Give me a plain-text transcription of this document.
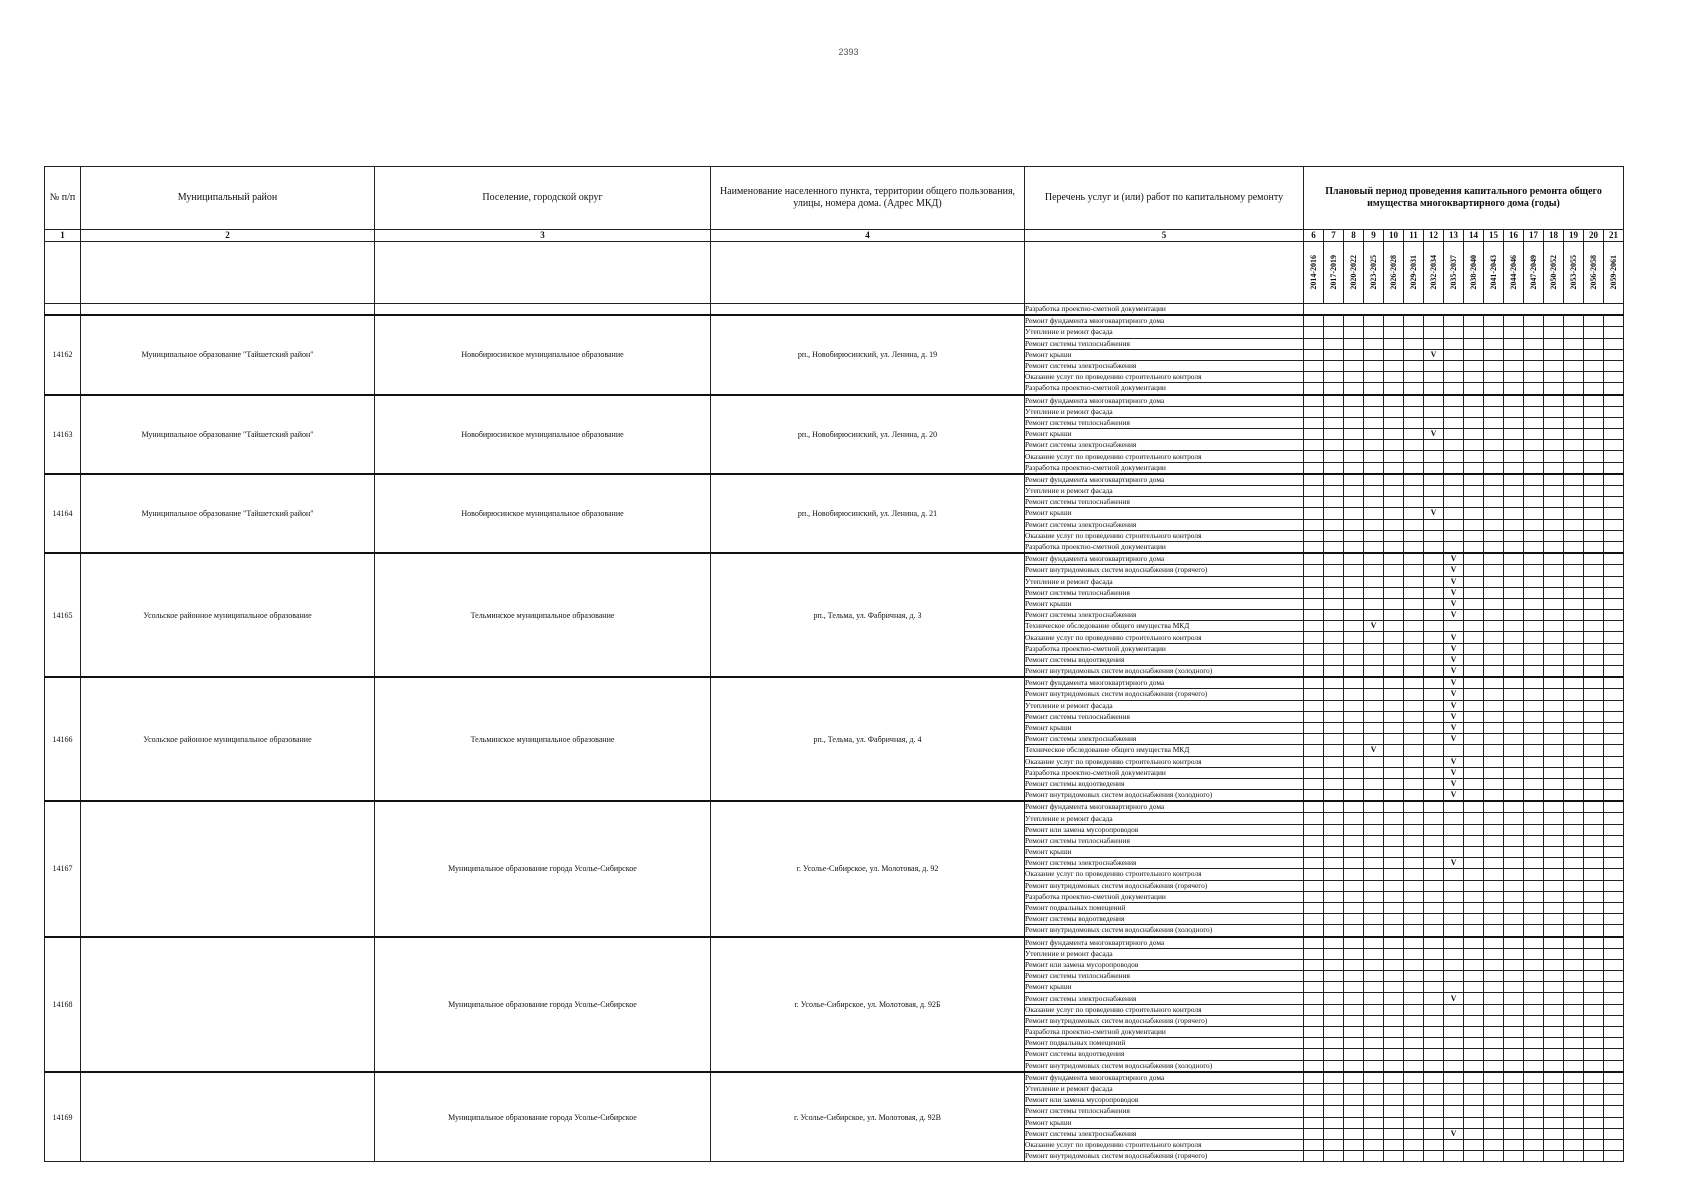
2393
№ п/п	Муниципальный район	Поселение, городской округ	Наименование населенного пункта, территории общего пользования, улицы, номера дома. (Адрес МКД)	Перечень услуг и (или) работ по капитальному ремонту	Плановый период проведения капитального ремонта общего имущества многоквартирного дома (годы)															
1	2	3	4	5	6	7	8	9	10	11	12	13	14	15	16	17	18	19	20	21

					2014-2016	2017-2019	2020-2022	2023-2025	2026-2028	2029-2031	2032-2034	2035-2037	2038-2040	2041-2043	2044-2046	2047-2049	2050-2052	2053-2055	2056-2058	2059-2061

				Разработка проектно-сметной документации																
14162	Муниципальное образование "Тайшетский район"	Новобирюсинское муниципальное образование	рп., Новобирюсинский, ул. Ленина, д. 19	Ремонт фундамента многоквартирного дома																
				Утепление и ремонт фасада																
				Ремонт системы теплоснабжения																
				Ремонт крыши							V									
				Ремонт системы электроснабжения																
				Оказание услуг по проведению строительного контроля																
				Разработка проектно-сметной документации																
14163	Муниципальное образование "Тайшетский район"	Новобирюсинское муниципальное образование	рп., Новобирюсинский, ул. Ленина, д. 20	Ремонт фундамента многоквартирного дома																
				Утепление и ремонт фасада																
				Ремонт системы теплоснабжения																
				Ремонт крыши							V									
				Ремонт системы электроснабжения																
				Оказание услуг по проведению строительного контроля																
				Разработка проектно-сметной документации																
14164	Муниципальное образование "Тайшетский район"	Новобирюсинское муниципальное образование	рп., Новобирюсинский, ул. Ленина, д. 21	Ремонт фундамента многоквартирного дома																
				Утепление и ремонт фасада																
				Ремонт системы теплоснабжения																
				Ремонт крыши							V									
				Ремонт системы электроснабжения																
				Оказание услуг по проведению строительного контроля																
				Разработка проектно-сметной документации																
14165	Усольское районное муниципальное образование	Тельминское муниципальное образование	рп., Тельма, ул. Фабричная, д. 3	Ремонт фундамента многоквартирного дома								V								
				Ремонт внутридомовых систем водоснабжения (горячего)								V								
				Утепление и ремонт фасада								V								
				Ремонт системы теплоснабжения								V								
				Ремонт крыши								V								
				Ремонт системы электроснабжения								V								
				Техническое обследование общего имущества МКД				V												
				Оказание услуг по проведению строительного контроля								V								
				Разработка проектно-сметной документации								V								
				Ремонт системы водоотведения								V								
				Ремонт внутридомовых систем водоснабжения (холодного)								V								
14166	Усольское районное муниципальное образование	Тельминское муниципальное образование	рп., Тельма, ул. Фабричная, д. 4	Ремонт фундамента многоквартирного дома								V								
				Ремонт внутридомовых систем водоснабжения (горячего)								V								
				Утепление и ремонт фасада								V								
				Ремонт системы теплоснабжения								V								
				Ремонт крыши								V								
				Ремонт системы электроснабжения								V								
				Техническое обследование общего имущества МКД				V												
				Оказание услуг по проведению строительного контроля								V								
				Разработка проектно-сметной документации								V								
				Ремонт системы водоотведения								V								
				Ремонт внутридомовых систем водоснабжения (холодного)								V								
14167		Муниципальное образование города Усолье-Сибирское	г. Усолье-Сибирское, ул. Молотовая, д. 92	Ремонт фундамента многоквартирного дома																
				Утепление и ремонт фасада																
				Ремонт или замена мусоропроводов																
				Ремонт системы теплоснабжения																
				Ремонт крыши																
				Ремонт системы электроснабжения								V								
				Оказание услуг по проведению строительного контроля																
				Ремонт внутридомовых систем водоснабжения (горячего)																
				Разработка проектно-сметной документации																
				Ремонт подвальных помещений																
				Ремонт системы водоотведения																
				Ремонт внутридомовых систем водоснабжения (холодного)																
14168		Муниципальное образование города Усолье-Сибирское	г. Усолье-Сибирское, ул. Молотовая, д. 92Б	Ремонт фундамента многоквартирного дома																
				Утепление и ремонт фасада																
				Ремонт или замена мусоропроводов																
				Ремонт системы теплоснабжения																
				Ремонт крыши																
				Ремонт системы электроснабжения								V								
				Оказание услуг по проведению строительного контроля																
				Ремонт внутридомовых систем водоснабжения (горячего)																
				Разработка проектно-сметной документации																
				Ремонт подвальных помещений																
				Ремонт системы водоотведения																
				Ремонт внутридомовых систем водоснабжения (холодного)																
14169		Муниципальное образование города Усолье-Сибирское	г. Усолье-Сибирское, ул. Молотовая, д. 92В	Ремонт фундамента многоквартирного дома																
				Утепление и ремонт фасада																
				Ремонт или замена мусоропроводов																
				Ремонт системы теплоснабжения																
				Ремонт крыши																
				Ремонт системы электроснабжения								V								
				Оказание услуг по проведению строительного контроля																
				Ремонт внутридомовых систем водоснабжения (горячего)																
